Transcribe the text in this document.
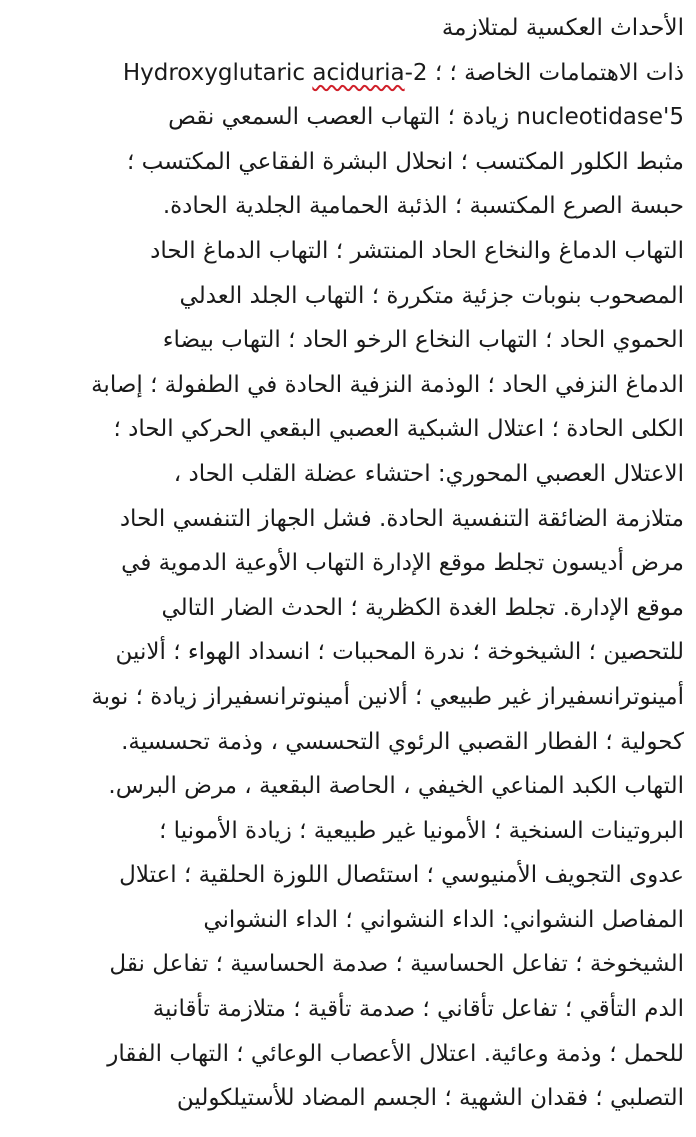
الأحداث العكسية لمتلازمة
ذات الاهتمامات الخاصة ؛ Hydroxyglutaric aciduria-2 ؛
5'nucleotidase زيادة ؛ التهاب العصب السمعي نقص
مثبط الكلور المكتسب ؛ انحلال البشرة الفقاعي المكتسب ؛
حبسة الصرع المكتسبة ؛ الذئبة الحمامية الجلدية الحادة.
التهاب الدماغ والنخاع الحاد المنتشر ؛ التهاب الدماغ الحاد
المصحوب بنوبات جزئية متكررة ؛ التهاب الجلد العدلي
الحموي الحاد ؛ التهاب النخاع الرخو الحاد ؛ التهاب بيضاء
الدماغ النزفي الحاد ؛ الوذمة النزفية الحادة في الطفولة ؛ إصابة
الكلى الحادة ؛ اعتلال الشبكية العصبي البقعي الحركي الحاد ؛
الاعتلال العصبي المحوري: احتشاء عضلة القلب الحاد ،
متلازمة الضائقة التنفسية الحادة. فشل الجهاز التنفسي الحاد
مرض أديسون تجلط موقع الإدارة التهاب الأوعية الدموية في
موقع الإدارة. تجلط الغدة الكظرية ؛ الحدث الضار التالي
للتحصين ؛ الشيخوخة ؛ ندرة المحببات ؛ انسداد الهواء ؛ ألانين
أمينوترانسفيراز غير طبيعي ؛ ألانين أمينوترانسفيراز زيادة ؛ نوبة
كحولية ؛ الفطار القصبي الرئوي التحسسي ، وذمة تحسسية.
التهاب الكبد المناعي الخيفي ، الحاصة البقعية ، مرض البرس.
البروتينات السنخية ؛ الأمونيا غير طبيعية ؛ زيادة الأمونيا ؛
عدوى التجويف الأمنيوسي ؛ استئصال اللوزة الحلقية ؛ اعتلال
المفاصل النشواني: الداء النشواني ؛ الداء النشواني
الشيخوخة ؛ تفاعل الحساسية ؛ صدمة الحساسية ؛ تفاعل نقل
الدم التأقي ؛ تفاعل تأقاني ؛ صدمة تأقية ؛ متلازمة تأقانية
للحمل ؛ وذمة وعائية. اعتلال الأعصاب الوعائي ؛ التهاب الفقار
التصلبي ؛ فقدان الشهية ؛ الجسم المضاد للأستيلكولين
